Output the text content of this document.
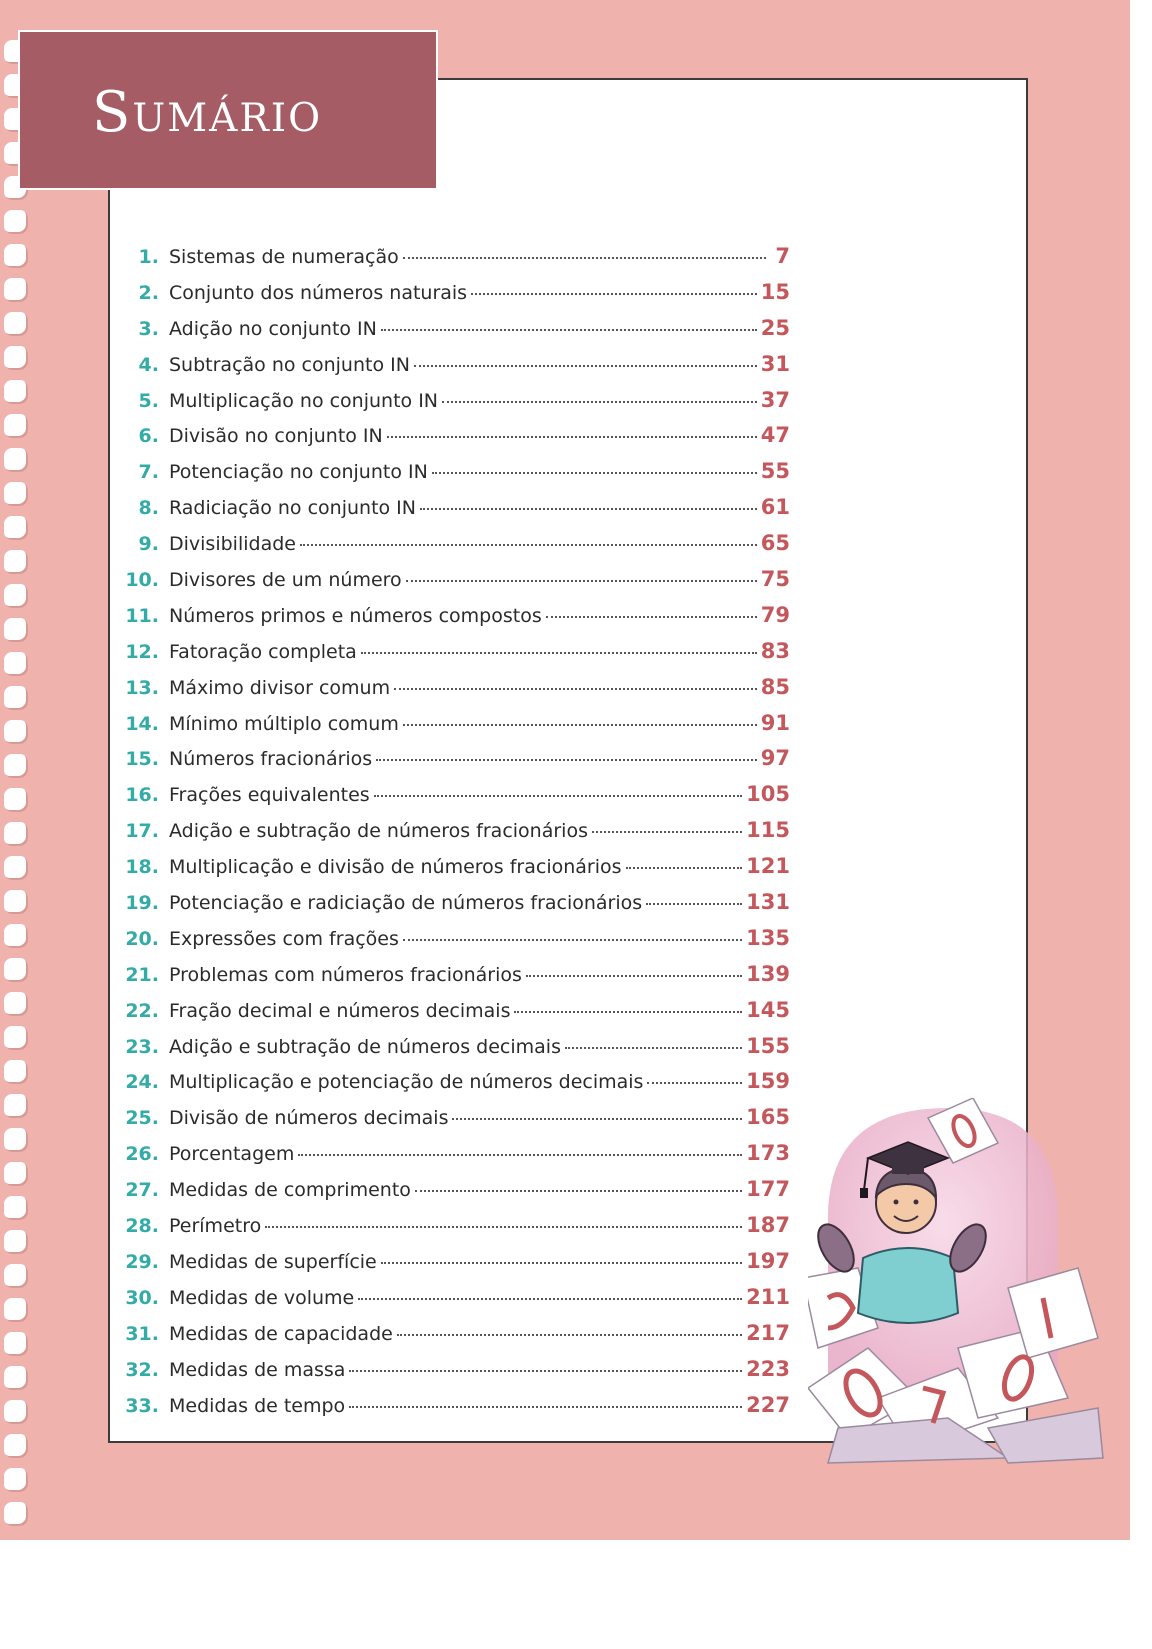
Sumário
1. Sistemas de numeração	7
2. Conjunto dos números naturais	15
3. Adição no conjunto IN	25
4. Subtração no conjunto IN	31
5. Multiplicação no conjunto IN	37
6. Divisão no conjunto IN	47
7. Potenciação no conjunto IN	55
8. Radiciação no conjunto IN	61
9. Divisibilidade	65
10. Divisores de um número	75
11. Números primos e números compostos	79
12. Fatoração completa	83
13. Máximo divisor comum	85
14. Mínimo múltiplo comum	91
15. Números fracionários	97
16. Frações equivalentes	105
17. Adição e subtração de números fracionários	115
18. Multiplicação e divisão de números fracionários	121
19. Potenciação e radiciação de números fracionários	131
20. Expressões com frações	135
21. Problemas com números fracionários	139
22. Fração decimal e números decimais	145
23. Adição e subtração de números decimais	155
24. Multiplicação e potenciação de números decimais	159
25. Divisão de números decimais	165
26. Porcentagem	173
27. Medidas de comprimento	177
28. Perímetro	187
29. Medidas de superfície	197
30. Medidas de volume	211
31. Medidas de capacidade	217
32. Medidas de massa	223
33. Medidas de tempo	227
